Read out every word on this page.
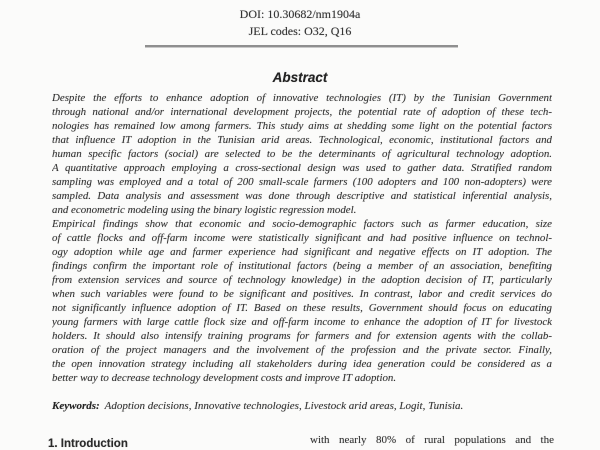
DOI: 10.30682/nm1904a
JEL codes: O32, Q16
Abstract
Despite the efforts to enhance adoption of innovative technologies (IT) by the Tunisian Government
through national and/or international development projects, the potential rate of adoption of these tech-
nologies has remained low among farmers. This study aims at shedding some light on the potential factors
that influence IT adoption in the Tunisian arid areas. Technological, economic, institutional factors and
human specific factors (social) are selected to be the determinants of agricultural technology adoption.
A quantitative approach employing a cross-sectional design was used to gather data. Stratified random
sampling was employed and a total of 200 small-scale farmers (100 adopters and 100 non-adopters) were
sampled. Data analysis and assessment was done through descriptive and statistical inferential analysis,
and econometric modeling using the binary logistic regression model.
Empirical findings show that economic and socio-demographic factors such as farmer education, size
of cattle flocks and off-farm income were statistically significant and had positive influence on technol-
ogy adoption while age and farmer experience had significant and negative effects on IT adoption. The
findings confirm the important role of institutional factors (being a member of an association, benefiting
from extension services and source of technology knowledge) in the adoption decision of IT, particularly
when such variables were found to be significant and positives. In contrast, labor and credit services do
not significantly influence adoption of IT. Based on these results, Government should focus on educating
young farmers with large cattle flock size and off-farm income to enhance the adoption of IT for livestock
holders. It should also intensify training programs for farmers and for extension agents with the collab-
oration of the project managers and the involvement of the profession and the private sector. Finally,
the open innovation strategy including all stakeholders during idea generation could be considered as a
better way to decrease technology development costs and improve IT adoption.
Keywords: Adoption decisions, Innovative technologies, Livestock arid areas, Logit, Tunisia.
1. Introduction	with nearly 80% of rural populations and the
